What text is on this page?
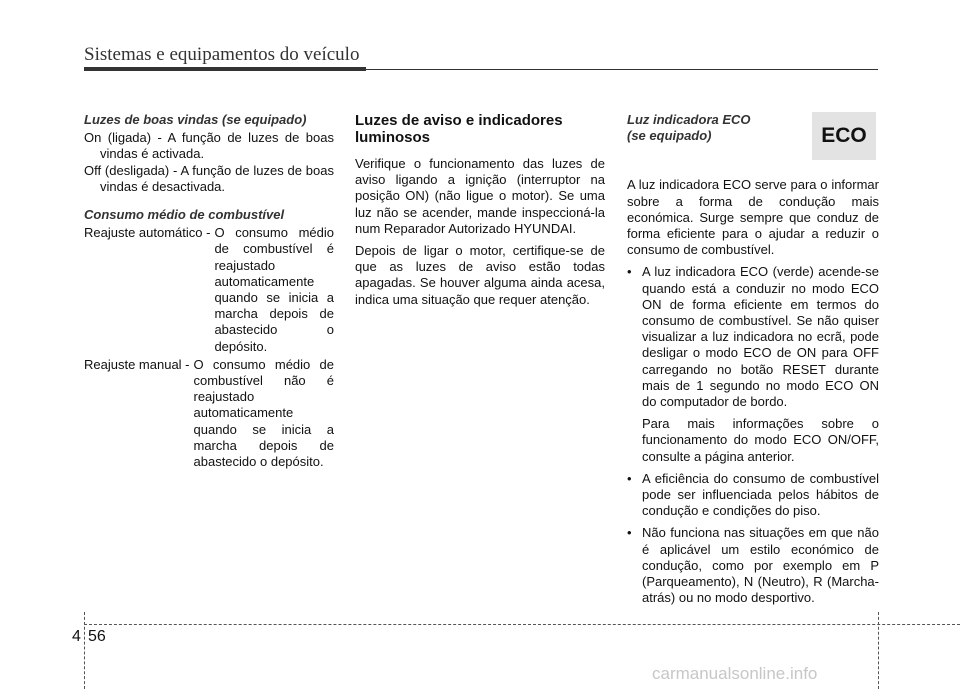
Sistemas e equipamentos do veículo
Luzes de boas vindas (se equipado)
On (ligada) - A função de luzes de boas vindas é activada.
Off (desligada) - A função de luzes de boas vindas é desactivada.
Consumo médio de combustível
Reajuste automático - O consumo médio de combustível é reajustado automaticamente quando se inicia a marcha depois de abastecido o depósito.
Reajuste manual - O consumo médio de combustível não é reajustado automaticamente quando se inicia a marcha depois de abastecido o depósito.
Luzes de aviso e indicadores luminosos

Verifique o funcionamento das luzes de aviso ligando a ignição (interruptor na posição ON) (não ligue o motor). Se uma luz não se acender, mande inspeccioná-la num Reparador Autorizado HYUNDAI.

Depois de ligar o motor, certifique-se de que as luzes de aviso estão todas apagadas. Se houver alguma ainda acesa, indica uma situação que requer atenção.

Luz indicadora ECO
(se equipado)

A luz indicadora ECO serve para o informar sobre a forma de condução mais económica. Surge sempre que conduz de forma eficiente para o ajudar a reduzir o consumo de combustível.

• A luz indicadora ECO (verde) acende-se quando está a conduzir no modo ECO ON de forma eficiente em termos do consumo de combustível. Se não quiser visualizar a luz indicadora no ecrã, pode desligar o modo ECO de ON para OFF carregando no botão RESET durante mais de 1 segundo no modo ECO ON do computador de bordo.
Para mais informações sobre o funcionamento do modo ECO ON/OFF, consulte a página anterior.
• A eficiência do consumo de combustível pode ser influenciada pelos hábitos de condução e condições do piso.
• Não funciona nas situações em que não é aplicável um estilo económico de condução, como por exemplo em P (Parqueamento), N (Neutro), R (Marcha-atrás) ou no modo desportivo.
ECO
4 56
carmanualsonline.info
